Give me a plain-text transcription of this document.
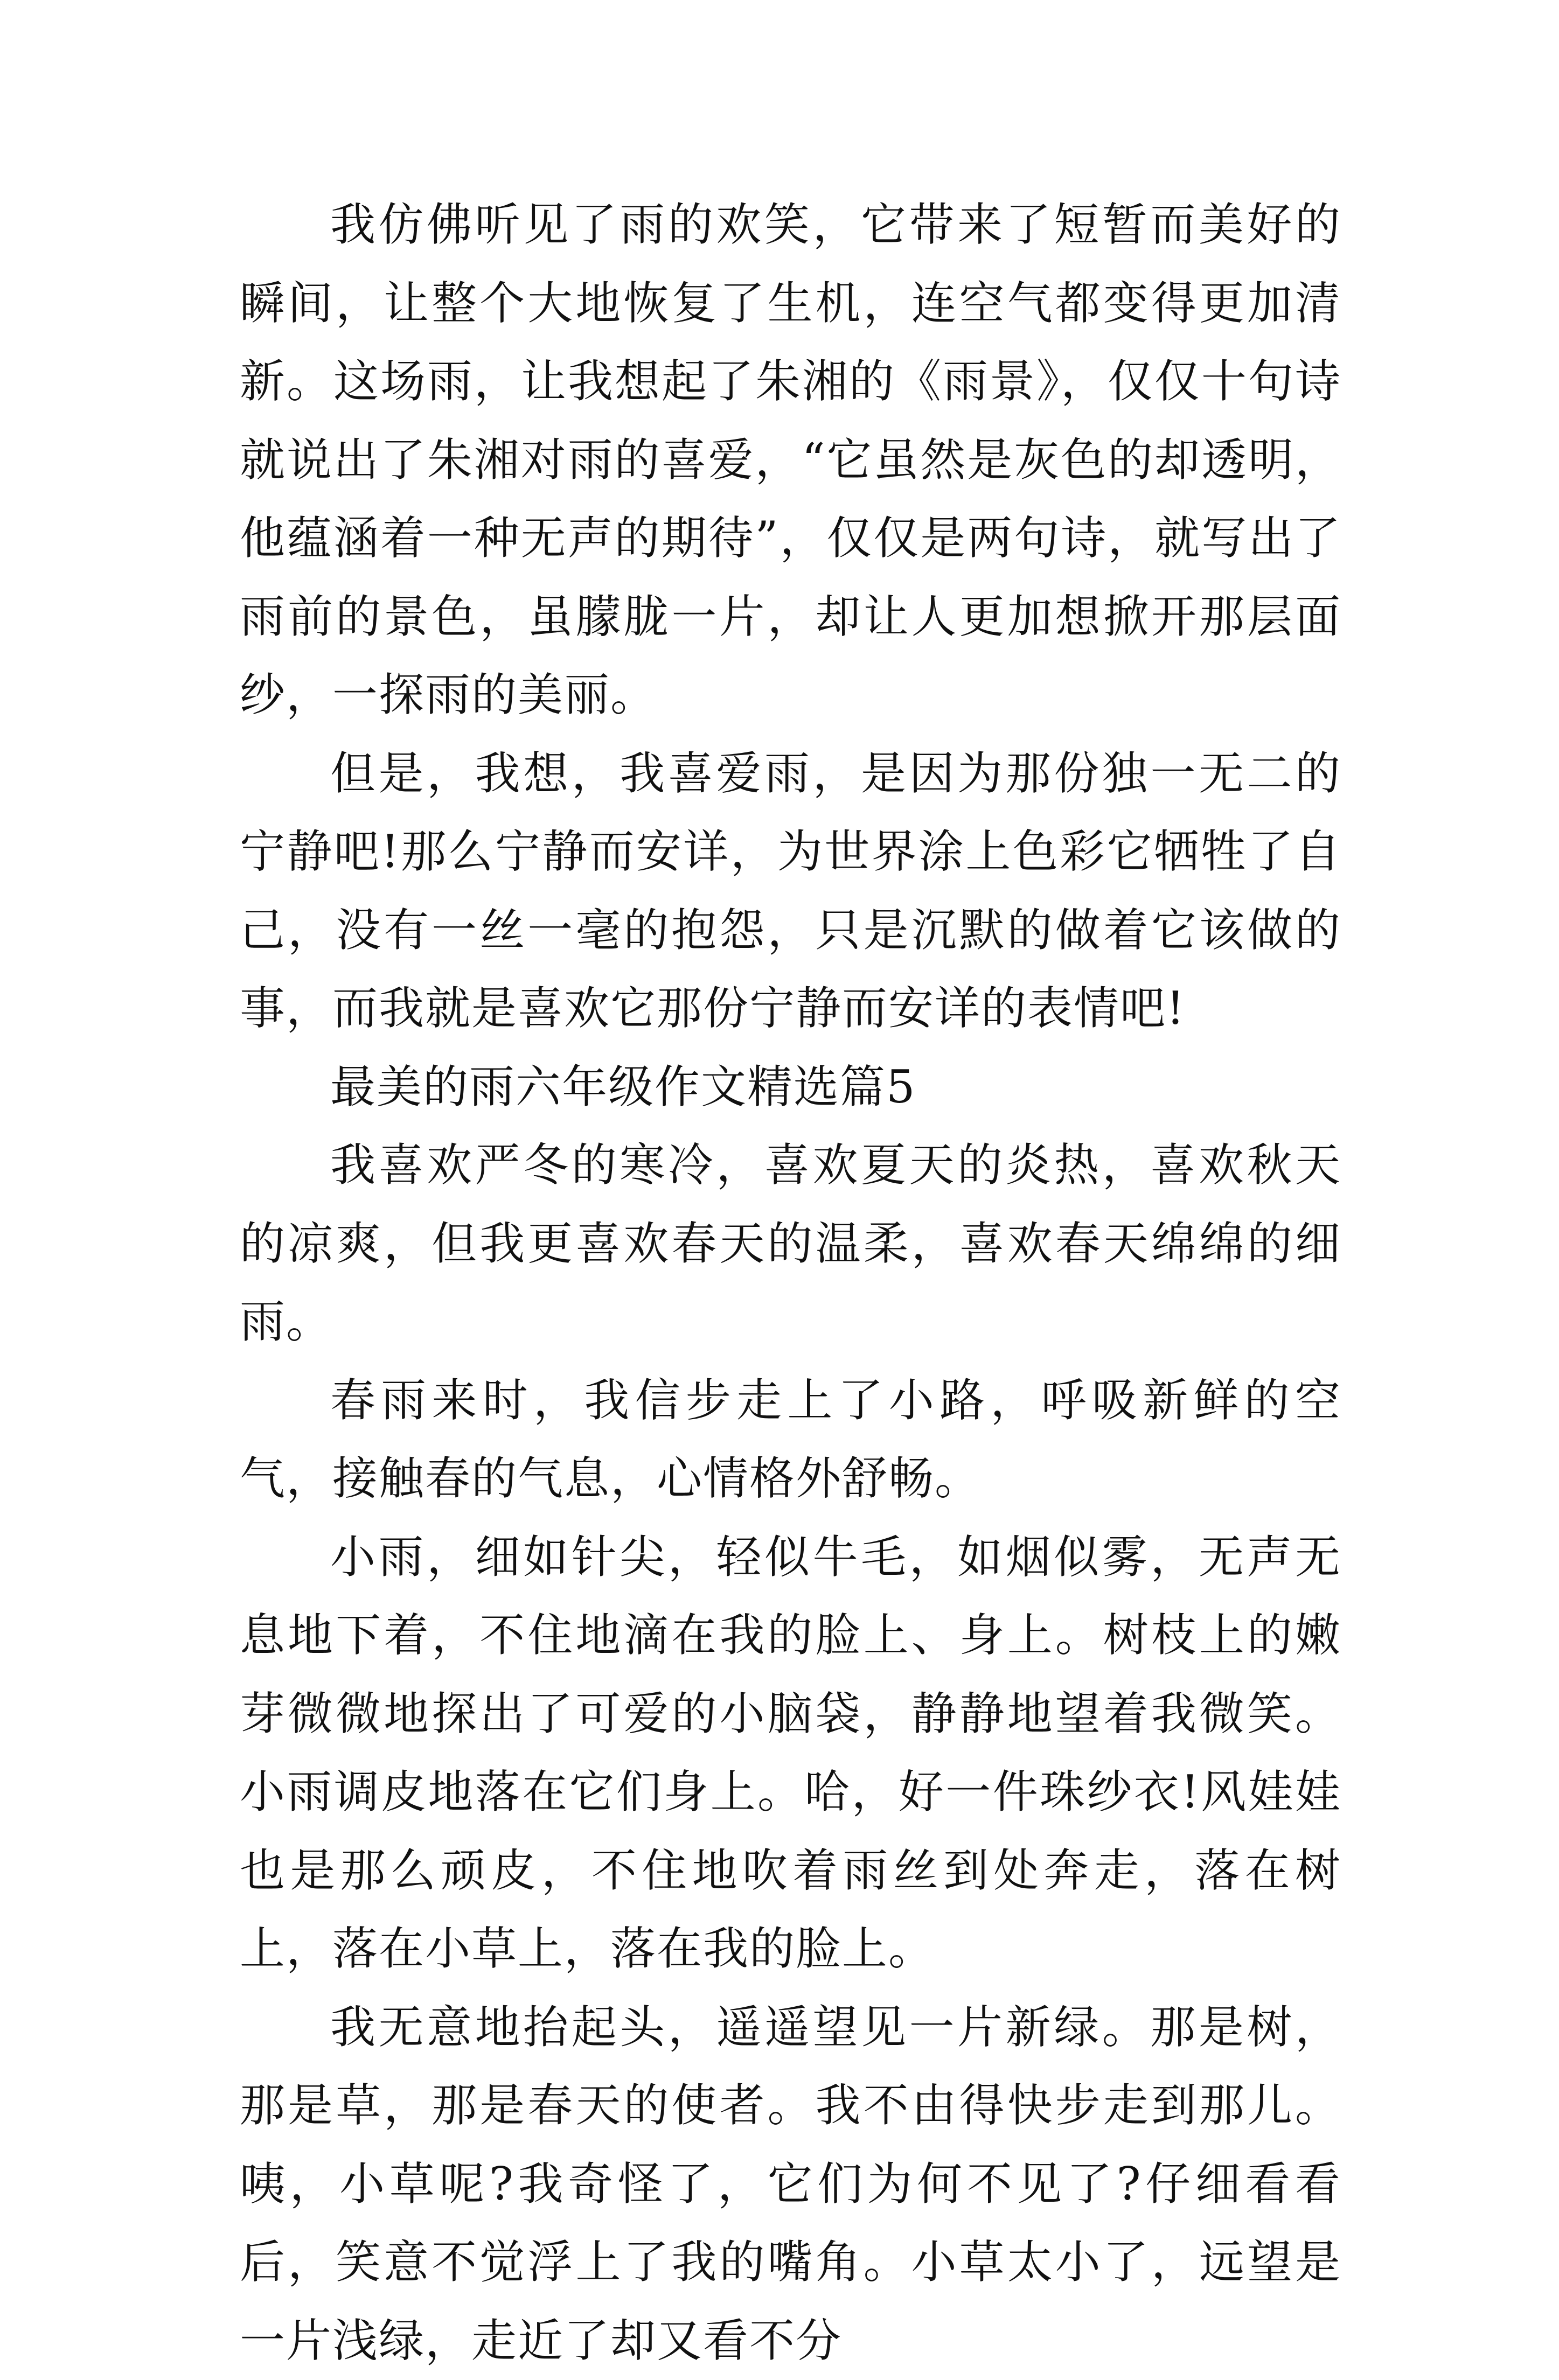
我仿佛听见了雨的欢笑，它带来了短暂而美好的瞬间，让整个大地恢复了生机，连空气都变得更加清新。这场雨，让我想起了朱湘的《雨景》，仅仅十句诗就说出了朱湘对雨的喜爱，“它虽然是灰色的却透明，他蕴涵着一种无声的期待”，仅仅是两句诗，就写出了雨前的景色，虽朦胧一片，却让人更加想掀开那层面纱，一探雨的美丽。

但是，我想，我喜爱雨，是因为那份独一无二的宁静吧!那么宁静而安详，为世界涂上色彩它牺牲了自己，没有一丝一毫的抱怨，只是沉默的做着它该做的事，而我就是喜欢它那份宁静而安详的表情吧!

最美的雨六年级作文精选篇5

我喜欢严冬的寒冷，喜欢夏天的炎热，喜欢秋天的凉爽，但我更喜欢春天的温柔，喜欢春天绵绵的细雨。

春雨来时，我信步走上了小路，呼吸新鲜的空气，接触春的气息，心情格外舒畅。

小雨，细如针尖，轻似牛毛，如烟似雾，无声无息地下着，不住地滴在我的脸上、身上。树枝上的嫩芽微微地探出了可爱的小脑袋，静静地望着我微笑。小雨调皮地落在它们身上。哈，好一件珠纱衣!风娃娃也是那么顽皮，不住地吹着雨丝到处奔走，落在树上，落在小草上，落在我的脸上。

我无意地抬起头，遥遥望见一片新绿。那是树，那是草，那是春天的使者。我不由得快步走到那儿。咦，小草呢?我奇怪了，它们为何不见了?仔细看看后，笑意不觉浮上了我的嘴角。小草太小了，远望是一片浅绿，走近了却又看不分
